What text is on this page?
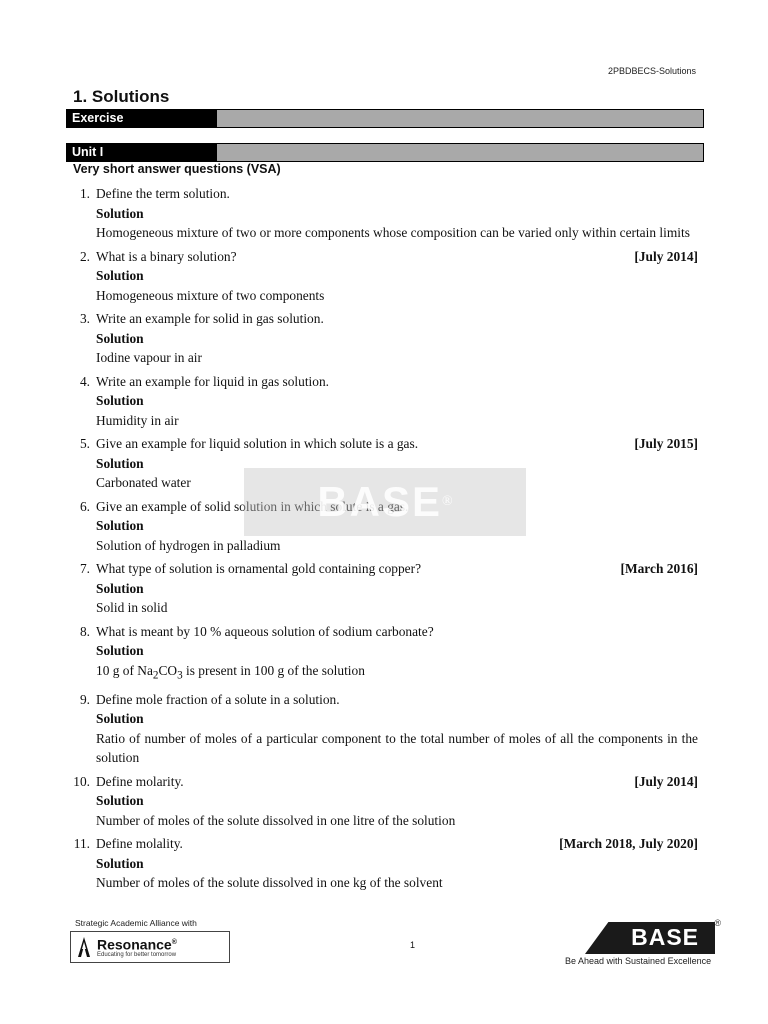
2PBDBECS-Solutions
1. Solutions
Exercise
Unit I
Very short answer questions (VSA)
1. Define the term solution.
Solution

Homogeneous mixture of two or more components whose composition can be varied only within certain limits

2. What is a binary solution?	[July 2014]
Solution

Homogeneous mixture of two components

3. Write an example for solid in gas solution.
Solution

Iodine vapour in air

4. Write an example for liquid in gas solution.
Solution

Humidity in air

5. Give an example for liquid solution in which solute is a gas.	[July 2015]
Solution

Carbonated water

6. Give an example of solid solution in which solute is a gas.
Solution

Solution of hydrogen in palladium

7. What type of solution is ornamental gold containing copper?	[March 2016]
Solution

Solid in solid

8. What is meant by 10 % aqueous solution of sodium carbonate?
Solution

10 g of $Na_2CO_3$ is present in 100 g of the solution

9. Define mole fraction of a solute in a solution.
Solution

Ratio of number of moles of a particular component to the total number of moles of all the components in the solution

10. Define molarity.	[July 2014]
Solution

Number of moles of the solute dissolved in one litre of the solution

11. Define molality.	[March 2018, July 2020]
Solution

Number of moles of the solute dissolved in one kg of the solvent

BASE ®
Strategic Academic Alliance with
Resonance®
Educating for better tomorrow
1	BASE
®
Be Ahead with Sustained Excellence
